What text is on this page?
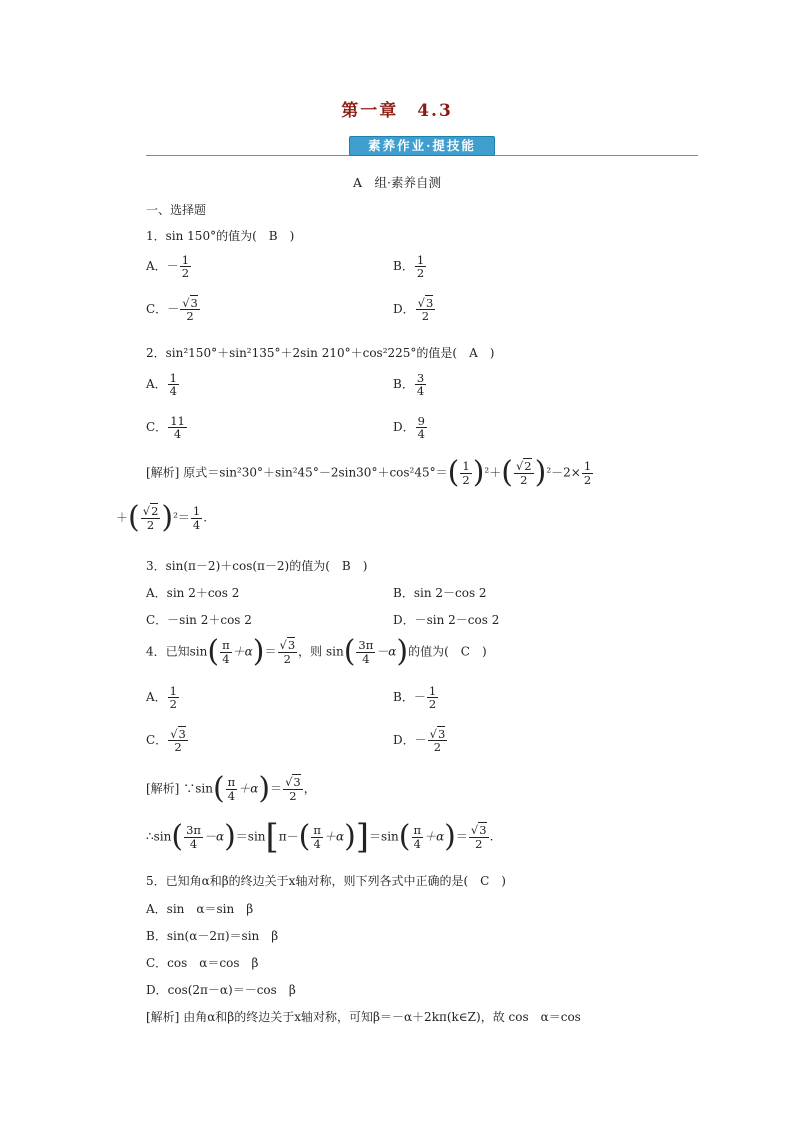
第一章　4.3
素养作业·提技能
A　组·素养自测
一、选择题
1．sin 150°的值为(　B　)
A．－ $\frac{1}{2}$	B． $\frac{1}{2}$
C．－ $\frac{√3}{2}$	D． $\frac{√3}{2}$
2．sin²150°＋sin²135°＋2sin 210°＋cos²225°的值是(　A　)
A． $\frac{1}{4}$	B． $\frac{3}{4}$
C． $\frac{11}{4}$	D． $\frac{9}{4}$
[解析] 原式$=\sin^230^\circ+\sin^245^\circ-2\sin 30^\circ+\cos^245^\circ=( \frac{1}{2} )^2+( \frac{√2}{2} )^2-2\times \frac{1}{2}$
＋( $\frac{√2}{2} )^2= \frac{1}{4}$ .
3．sin(π－2)＋cos(π－2)的值为(　B　)
A．sin 2＋cos 2	B．sin 2－cos 2
C．－sin 2＋cos 2	D．－sin 2－cos 2
4．已知$\sin( \frac{\pi}{4} +\alpha)= \frac{√3}{2}$ ，则 $\sin( \frac{3\pi}{4} -\alpha)$的值为(　C　)
A． $\frac{1}{2}$	B．－ $\frac{1}{2}$
C． $\frac{√3}{2}$	D．－ $\frac{√3}{2}$
[解析] ∵sin( $\frac{\pi}{4} +\alpha)= \frac{√3}{2}$ ，
∴sin( $\frac{3\pi}{4} -\alpha)=\sin[\pi-( \frac{\pi}{4} +\alpha)]=\sin( \frac{\pi}{4} +\alpha)= \frac{√3}{2}$ .
5．已知角α和β的终边关于x轴对称，则下列各式中正确的是(　C　)
A．sin　α＝sin　β
B．sin(α－2π)＝sin　β
C．cos　α＝cos　β
D．cos(2π－α)＝－cos　β
[解析] 由角α和β的终边关于x轴对称，可知β＝－α＋2kπ(k∈Z)，故 cos　α＝cos
